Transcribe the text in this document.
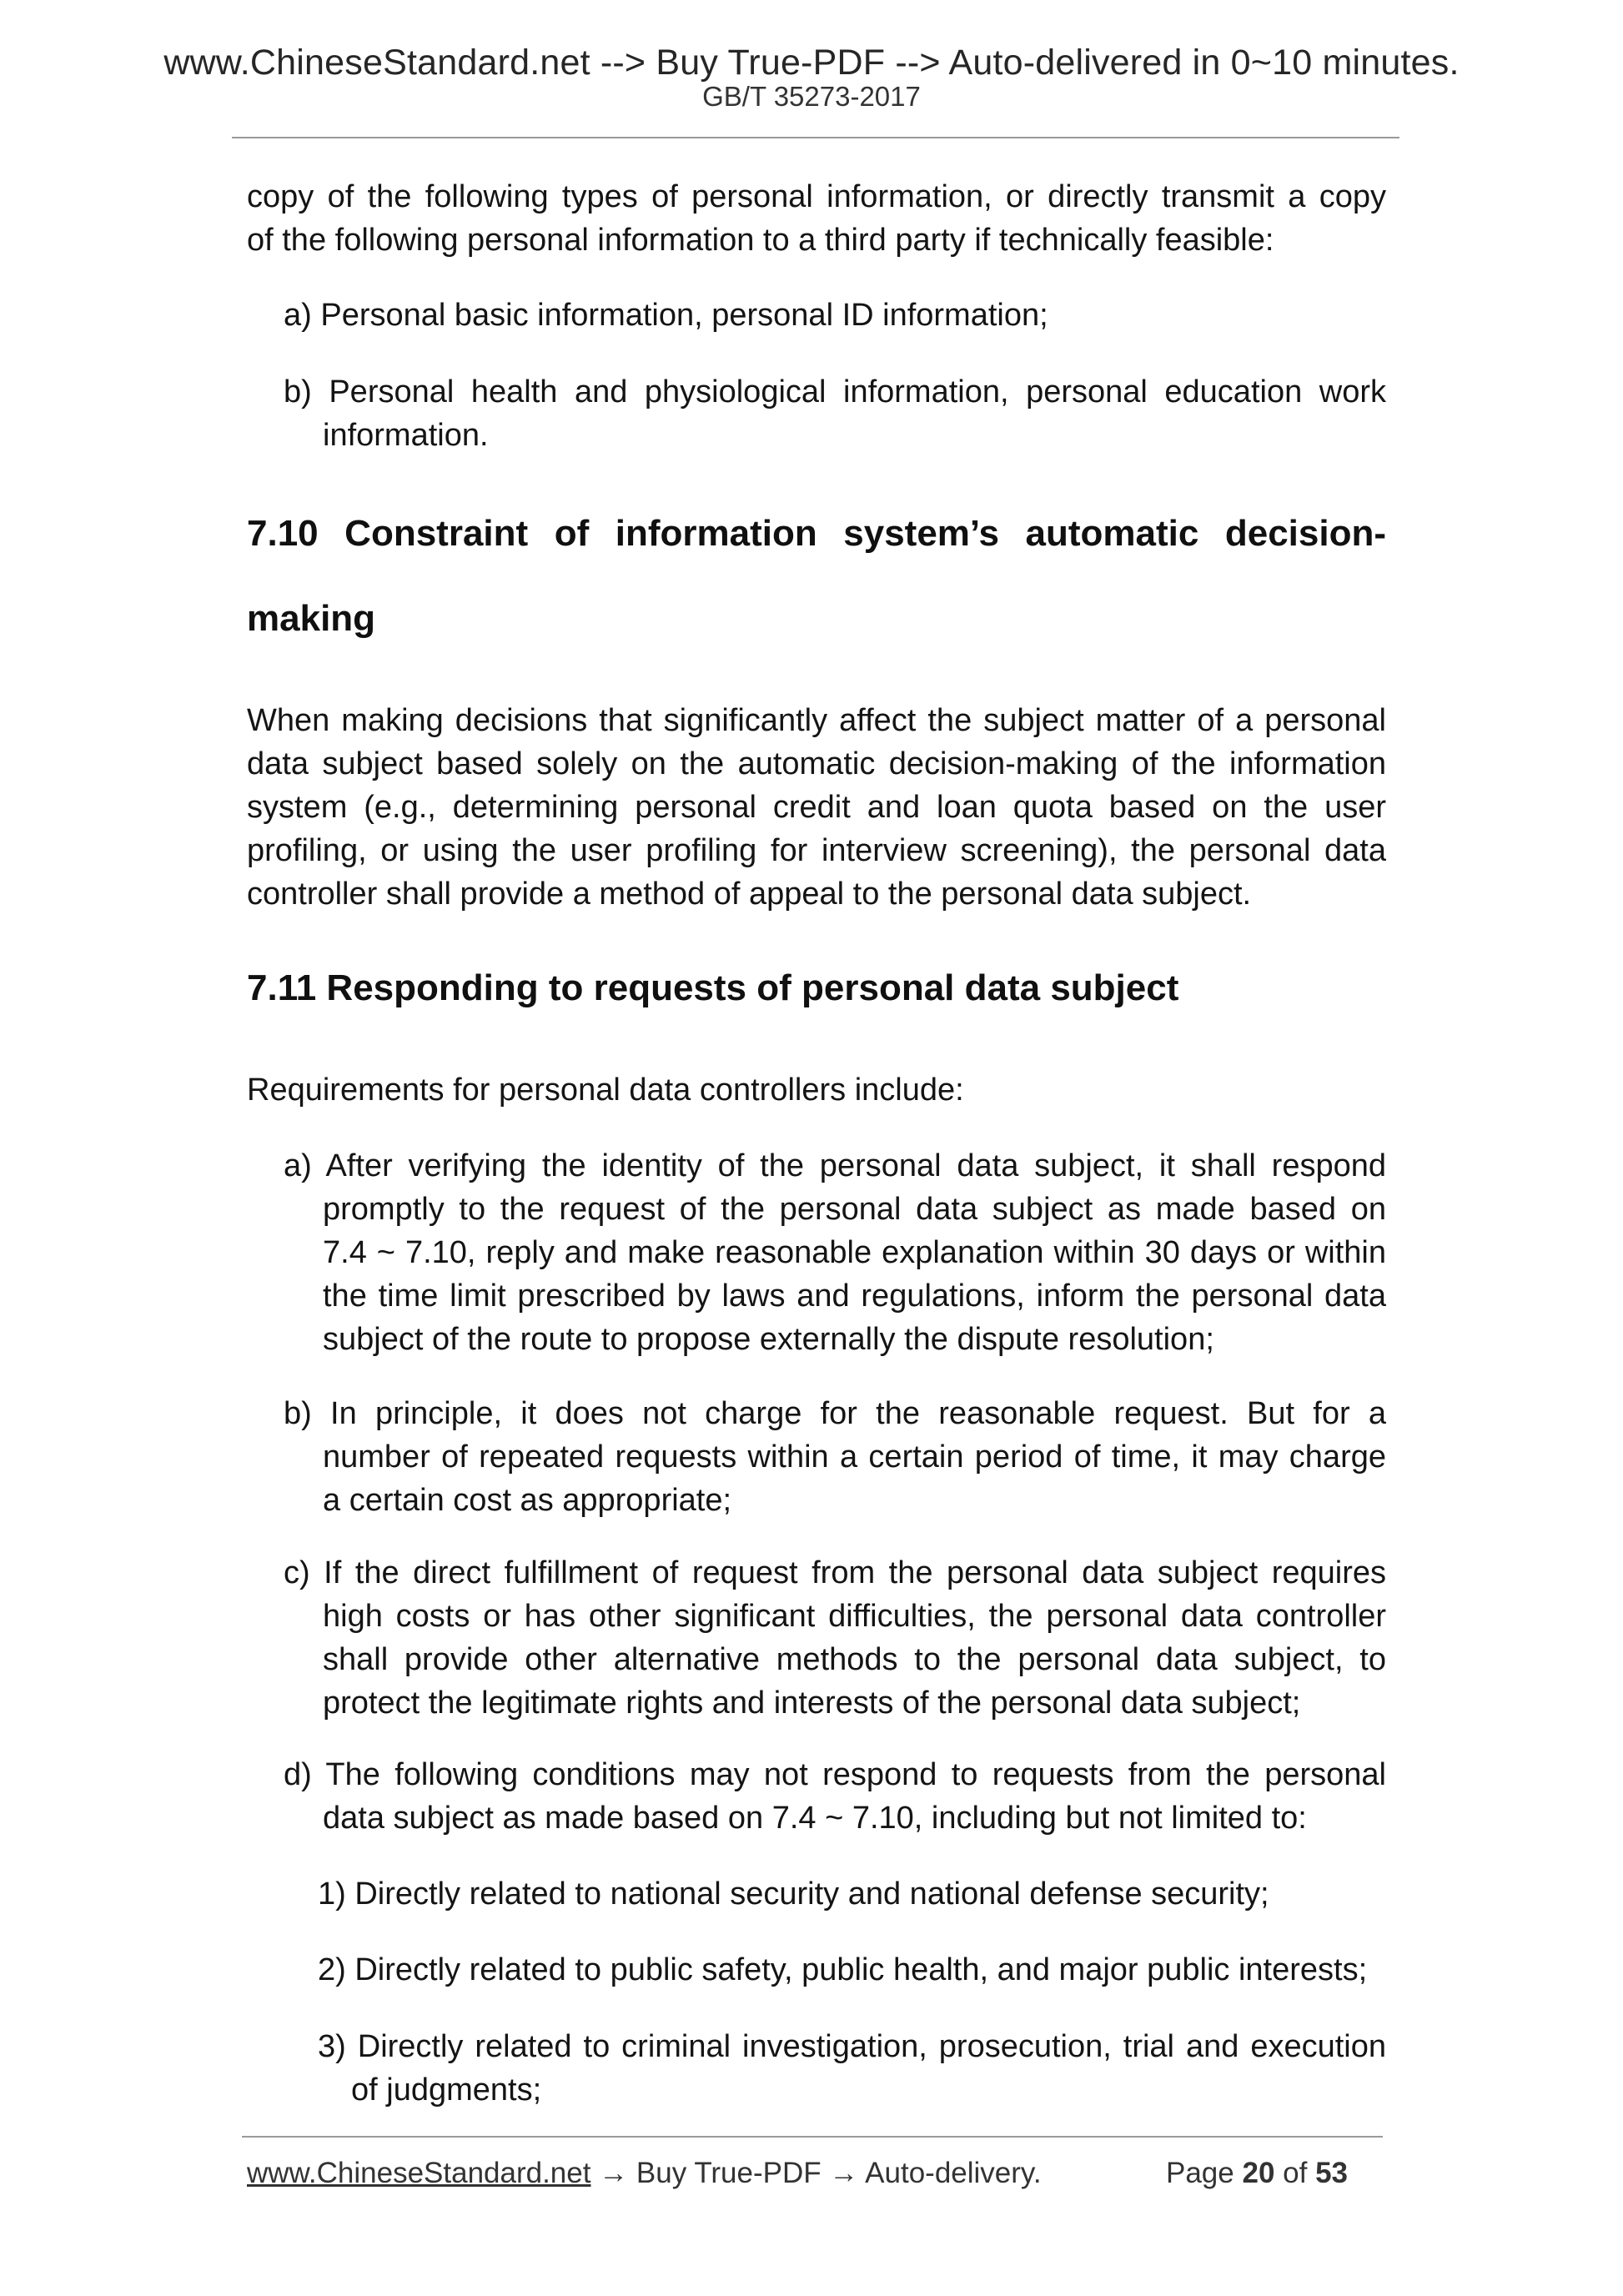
www.ChineseStandard.net --> Buy True-PDF --> Auto-delivered in 0~10 minutes.
GB/T 35273-2017
copy of the following types of personal information, or directly transmit a copy
of the following personal information to a third party if technically feasible:
a) Personal basic information, personal ID information;
b) Personal health and physiological information, personal education work
information.
7.10 Constraint of information system’s automatic decision-
making
When making decisions that significantly affect the subject matter of a personal
data subject based solely on the automatic decision-making of the information
system (e.g., determining personal credit and loan quota based on the user
profiling, or using the user profiling for interview screening), the personal data
controller shall provide a method of appeal to the personal data subject.
7.11 Responding to requests of personal data subject
Requirements for personal data controllers include:
a) After verifying the identity of the personal data subject, it shall respond
promptly to the request of the personal data subject as made based on
7.4 ~ 7.10, reply and make reasonable explanation within 30 days or within
the time limit prescribed by laws and regulations, inform the personal data
subject of the route to propose externally the dispute resolution;
b) In principle, it does not charge for the reasonable request. But for a
number of repeated requests within a certain period of time, it may charge
a certain cost as appropriate;
c) If the direct fulfillment of request from the personal data subject requires
high costs or has other significant difficulties, the personal data controller
shall provide other alternative methods to the personal data subject, to
protect the legitimate rights and interests of the personal data subject;
d) The following conditions may not respond to requests from the personal
data subject as made based on 7.4 ~ 7.10, including but not limited to:
1) Directly related to national security and national defense security;
2) Directly related to public safety, public health, and major public interests;
3) Directly related to criminal investigation, prosecution, trial and execution
of judgments;
www.ChineseStandard.net → Buy True-PDF → Auto-delivery.	Page 20 of 53
